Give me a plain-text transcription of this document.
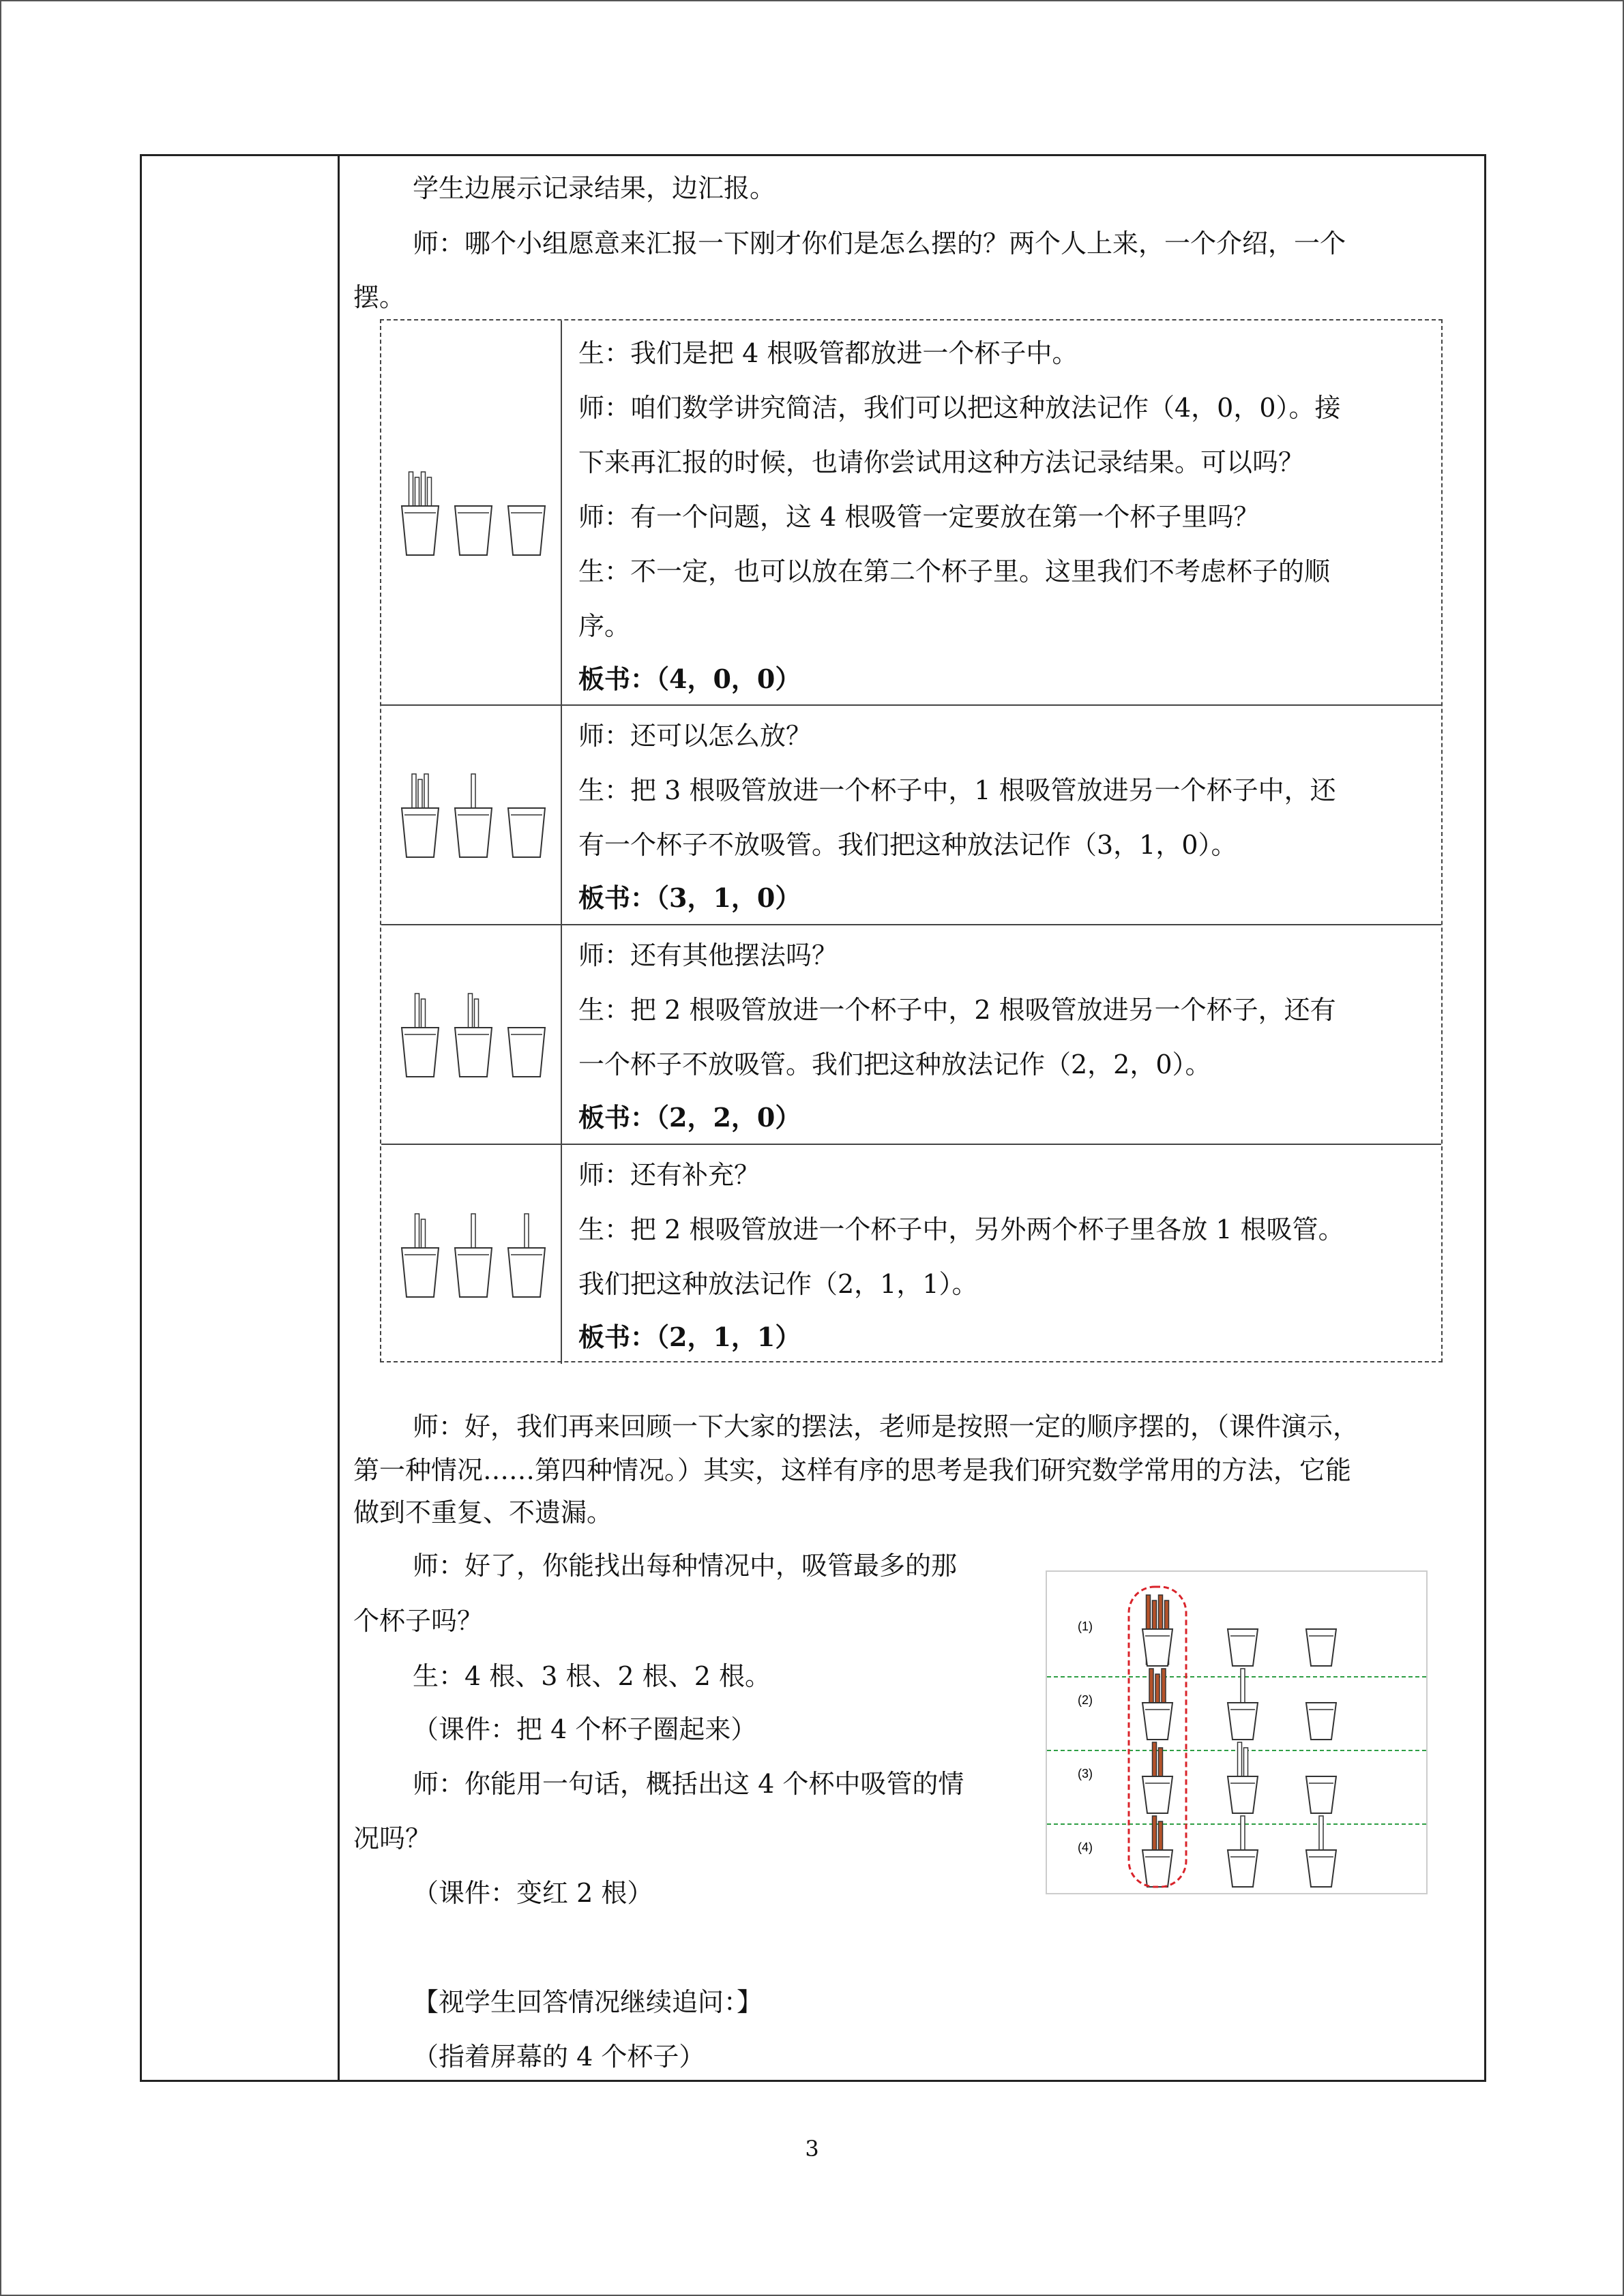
学生边展示记录结果，边汇报。

师：哪个小组愿意来汇报一下刚才你们是怎么摆的？两个人上来，一个介绍，一个

摆。

生：我们是把 4 根吸管都放进一个杯子中。

师：咱们数学讲究简洁，我们可以把这种放法记作（4，0，0）。接

下来再汇报的时候，也请你尝试用这种方法记录结果。可以吗？

师：有一个问题，这 4 根吸管一定要放在第一个杯子里吗？

生：不一定，也可以放在第二个杯子里。这里我们不考虑杯子的顺

序。

板书：（4，0，0）

师：还可以怎么放？

生：把 3 根吸管放进一个杯子中，1 根吸管放进另一个杯子中，还

有一个杯子不放吸管。我们把这种放法记作（3，1，0）。

板书：（3，1，0）

师：还有其他摆法吗？

生：把 2 根吸管放进一个杯子中，2 根吸管放进另一个杯子，还有

一个杯子不放吸管。我们把这种放法记作（2，2，0）。

板书：（2，2，0）

师：还有补充？

生：把 2 根吸管放进一个杯子中，另外两个杯子里各放 1 根吸管。

我们把这种放法记作（2，1，1）。

板书：（2，1，1）

师：好，我们再来回顾一下大家的摆法，老师是按照一定的顺序摆的，（课件演示，

第一种情况……第四种情况。）其实，这样有序的思考是我们研究数学常用的方法，它能

做到不重复、不遗漏。

师：好了，你能找出每种情况中，吸管最多的那

个杯子吗？

生：4 根、3 根、2 根、2 根。

（课件：把 4 个杯子圈起来）

师：你能用一句话，概括出这 4 个杯中吸管的情

况吗？

（课件：变红 2 根）

(1)
(2)
(3)
(4)

【视学生回答情况继续追问：】

（指着屏幕的 4 个杯子）

3
